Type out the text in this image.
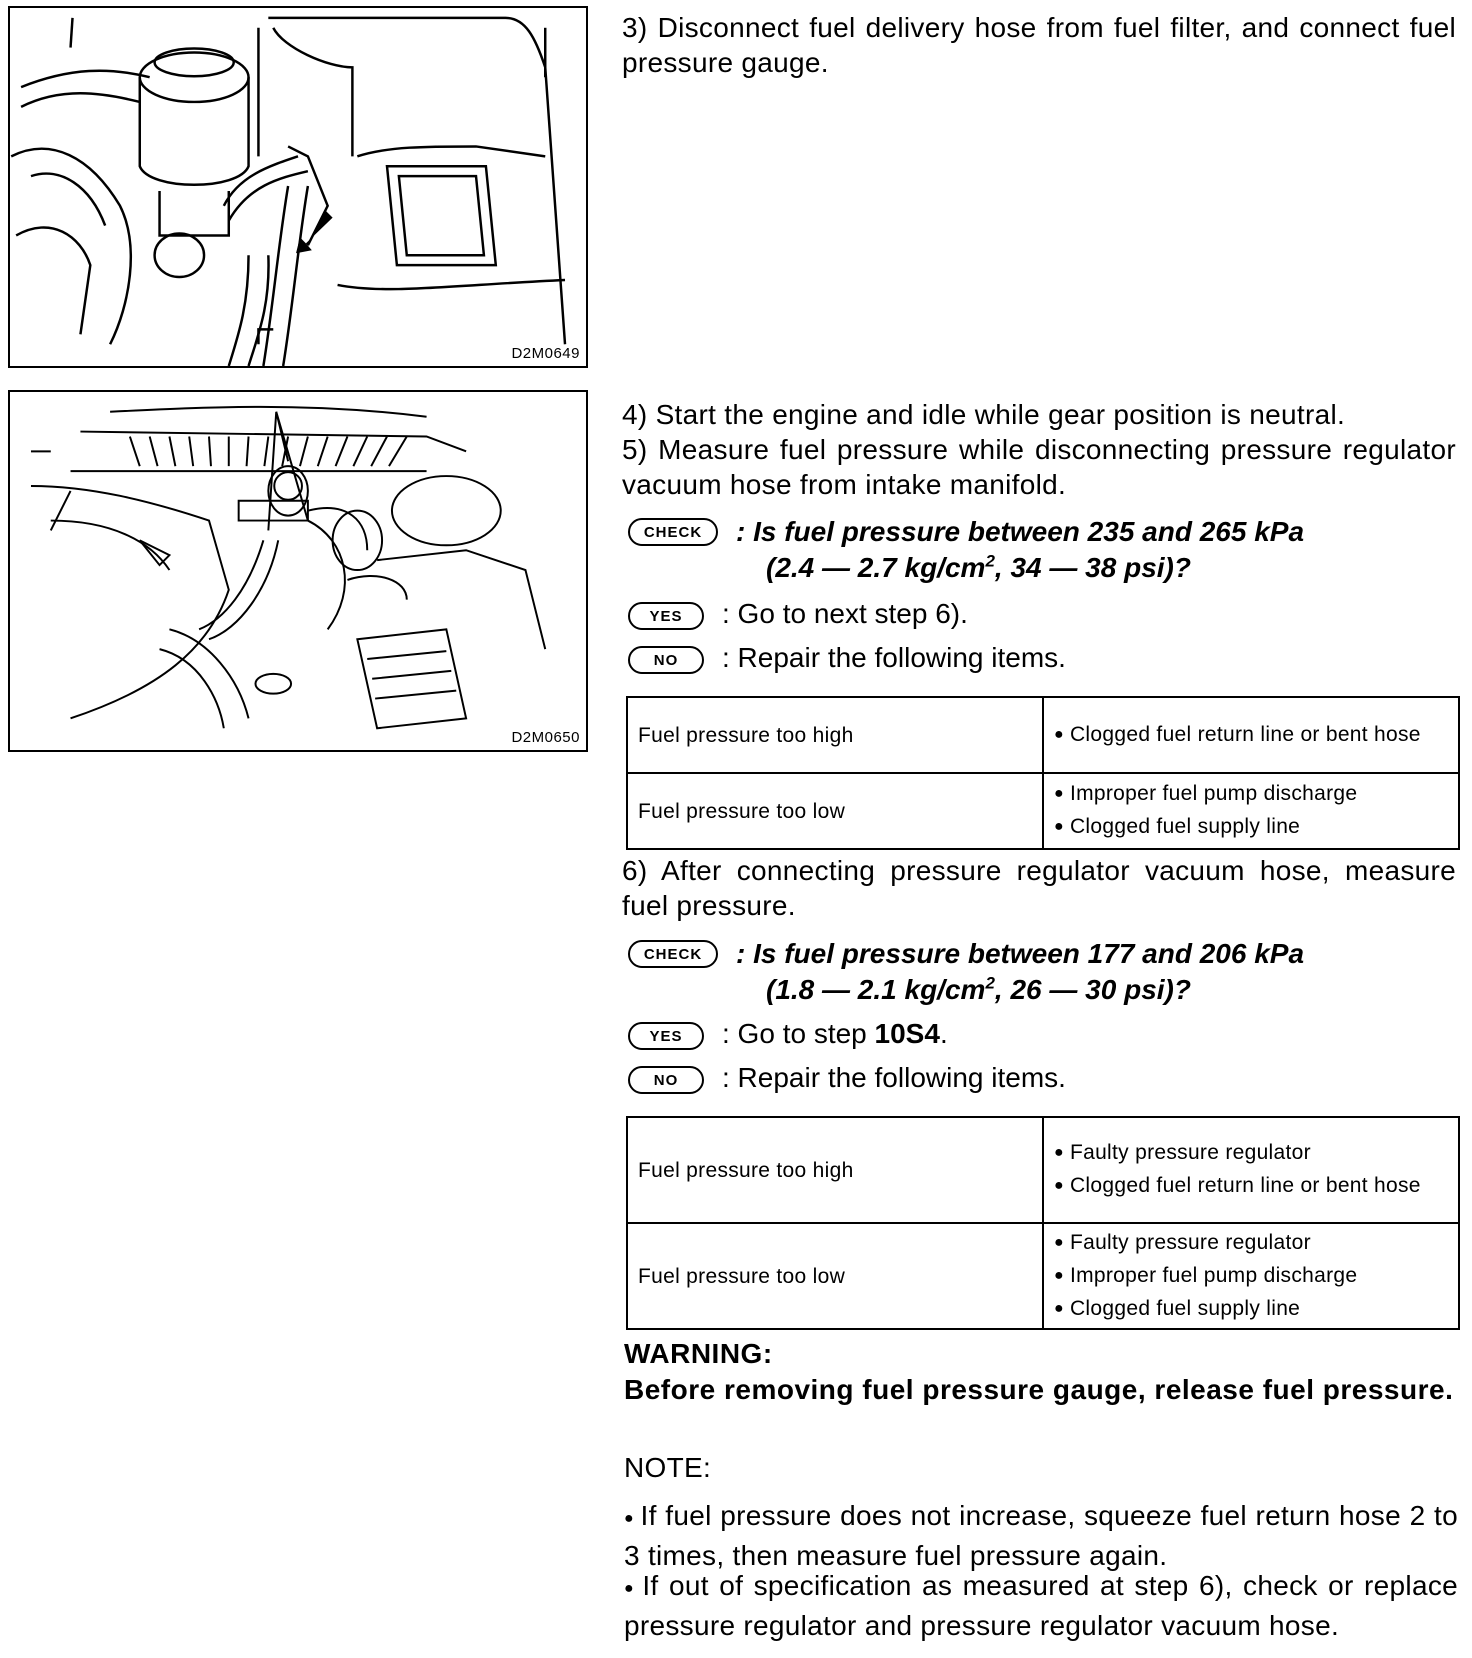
D2M0649
D2M0650

3) Disconnect fuel delivery hose from fuel filter, and connect fuel pressure gauge.

4) Start the engine and idle while gear position is neutral.

5) Measure fuel pressure while disconnecting pressure regulator vacuum hose from intake manifold.

CHECK	: Is fuel pressure between 235 and 265 kPa
(2.4 — 2.7 $kg/cm^2$, 34 — 38 psi)?
YES	: Go to next step 6).
NO	: Repair the following items.
Fuel pressure too high	● Clogged fuel return line or bent hose
Fuel pressure too low	● Improper fuel pump discharge
● Clogged fuel supply line

6) After connecting pressure regulator vacuum hose, measure fuel pressure.

CHECK	: Is fuel pressure between 177 and 206 kPa
(1.8 — 2.1 $kg/cm^2$, 26 — 30 psi)?
YES	: Go to step 10S4.
NO	: Repair the following items.
Fuel pressure too high	● Faulty pressure regulator
● Clogged fuel return line or bent hose

Fuel pressure too low	● Faulty pressure regulator
● Improper fuel pump discharge
● Clogged fuel supply line
WARNING:
Before removing fuel pressure gauge, release fuel pressure.
NOTE:
● If fuel pressure does not increase, squeeze fuel return hose 2 to 3 times, then measure fuel pressure again.
● If out of specification as measured at step 6), check or replace pressure regulator and pressure regulator vacuum hose.
